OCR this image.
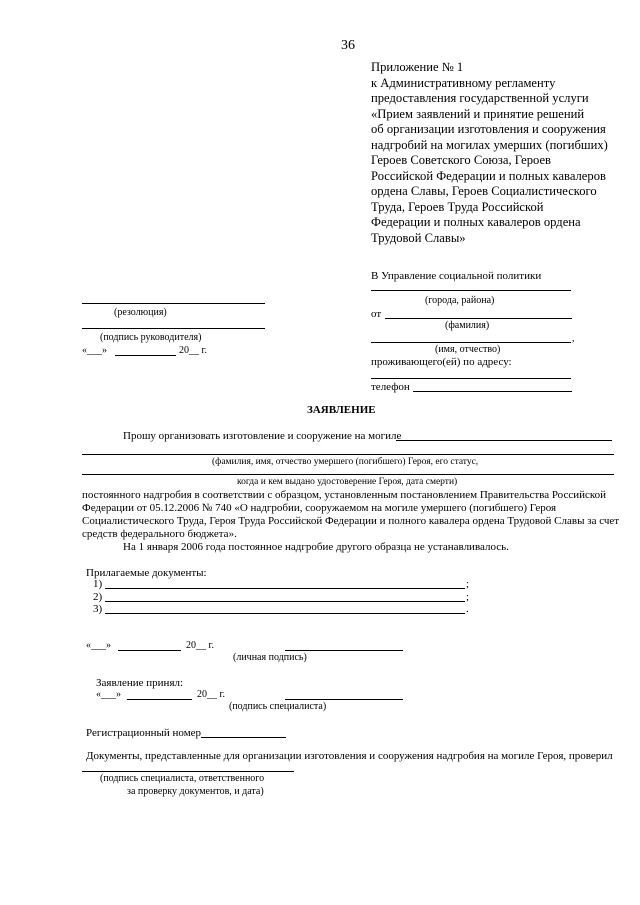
36
Приложение № 1
к Административному регламенту
предоставления государственной услуги
«Прием заявлений и принятие решений
об организации изготовления и сооружения
надгробий на могилах умерших (погибших)
Героев Советского Союза, Героев
Российской Федерации и полных кавалеров
ордена Славы, Героев Социалистического
Труда, Героев Труда Российской
Федерации и полных кавалеров ордена
Трудовой Славы»
В Управление социальной политики
(города, района)
от
(фамилия)
,
(имя, отчество)
проживающего(ей) по адресу:
телефон
(резолюция)
(подпись руководителя)
«___»	20__ г.
ЗАЯВЛЕНИЕ
Прошу организовать изготовление и сооружение на могиле
(фамилия, имя, отчество умершего (погибшего) Героя, его статус,
когда и кем выдано удостоверение Героя, дата смерти)
постоянного надгробия в соответствии с образцом, установленным постановлением Правительства Российской
Федерации от 05.12.2006 № 740 «О надгробии, сооружаемом на могиле умершего (погибшего) Героя
Социалистического Труда, Героя Труда Российской Федерации и полного кавалера ордена Трудовой Славы за счет
средств федерального бюджета».
На 1 января 2006 года постоянное надгробие другого образца не устанавливалось.
Прилагаемые документы:
1)	;
2)	;
3)	.
«___»	20__ г.
(личная подпись)
Заявление принял:
«___»	20__ г.
(подпись специалиста)
Регистрационный номер
Документы, представленные для организации изготовления и сооружения надгробия на могиле Героя, проверил
(подпись специалиста, ответственного
за проверку документов, и дата)
